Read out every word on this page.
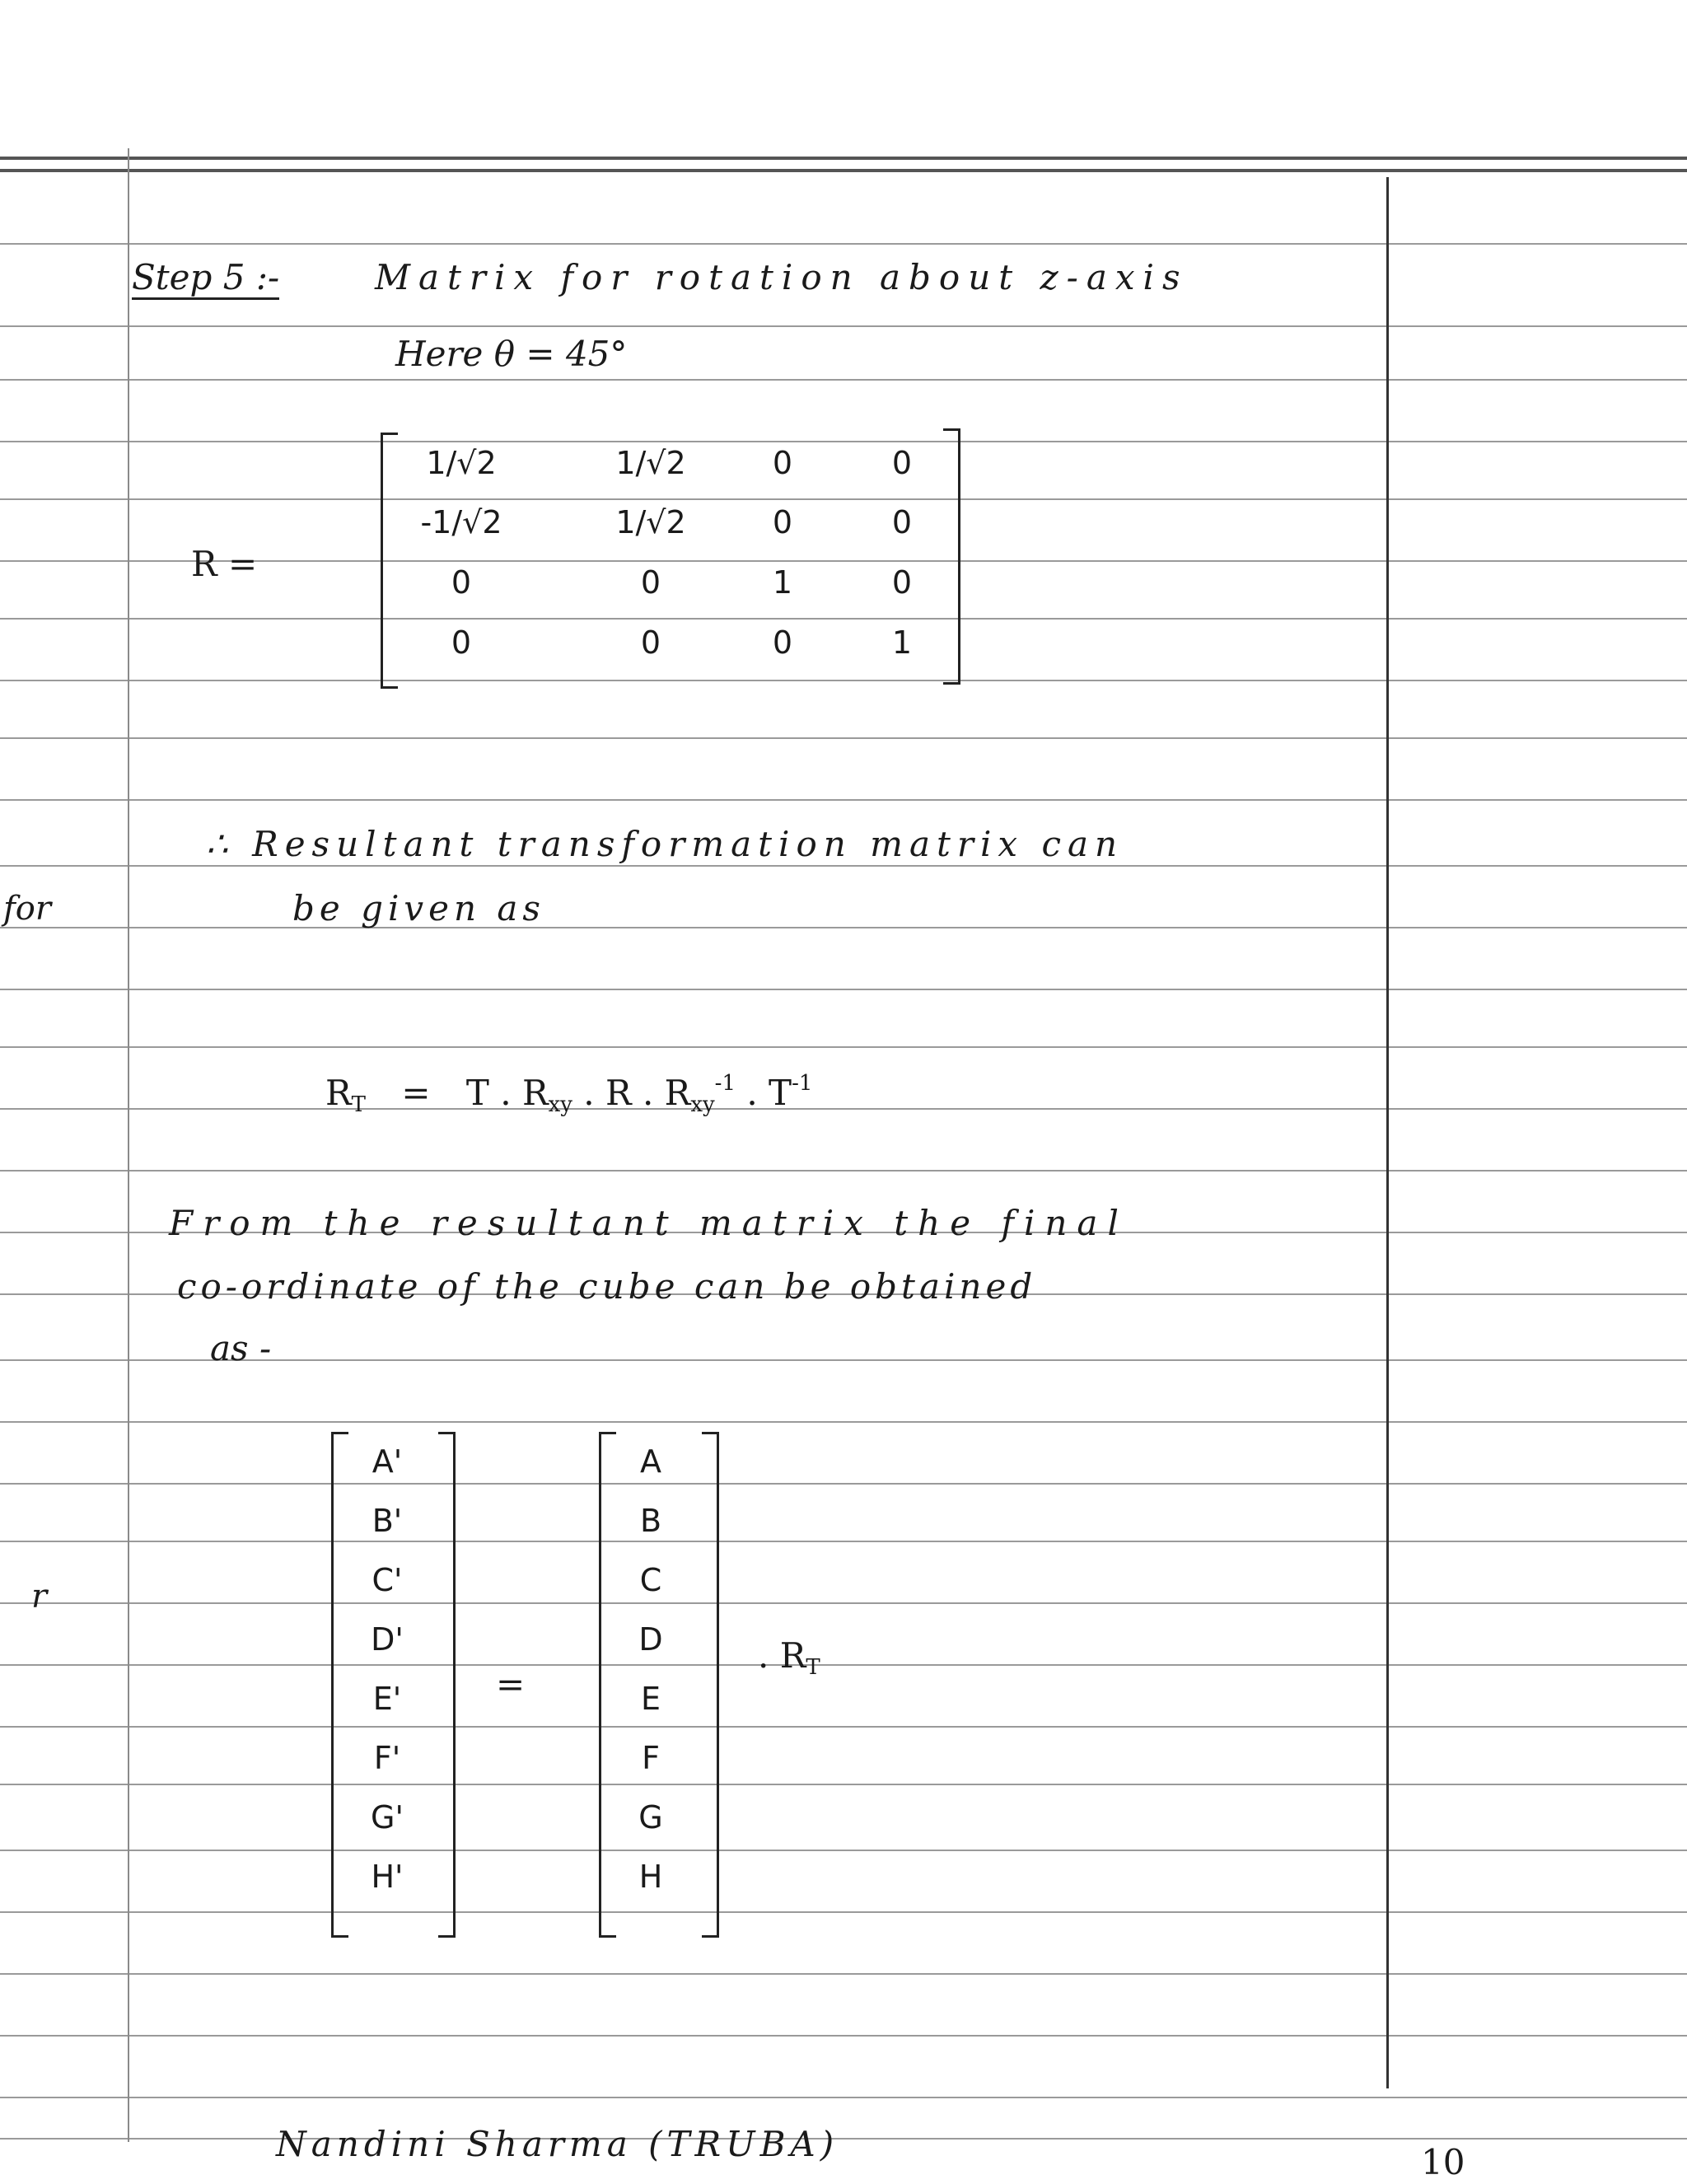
Step 5 :-	Matrix for rotation about z-axis
Here θ = 45°
R =
1/√2	1/√2	0	0
-1/√2	1/√2	0	0
0	0	1	0
0	0	0	1
∴ Resultant transformation matrix can
be given as
for
r
$R_T = T$ . $R_{xy}$ . R . $R_{xy}^{-1}$ . $T^{-1}$
From the resultant matrix the final
co-ordinate of the cube can be obtained
as -
A'
B'
C'
D'
E'
F'
G'
H'
=
A
B
C
D
E
F
G
H
. $R_T$
Nandini Sharma (TRUBA)	10
